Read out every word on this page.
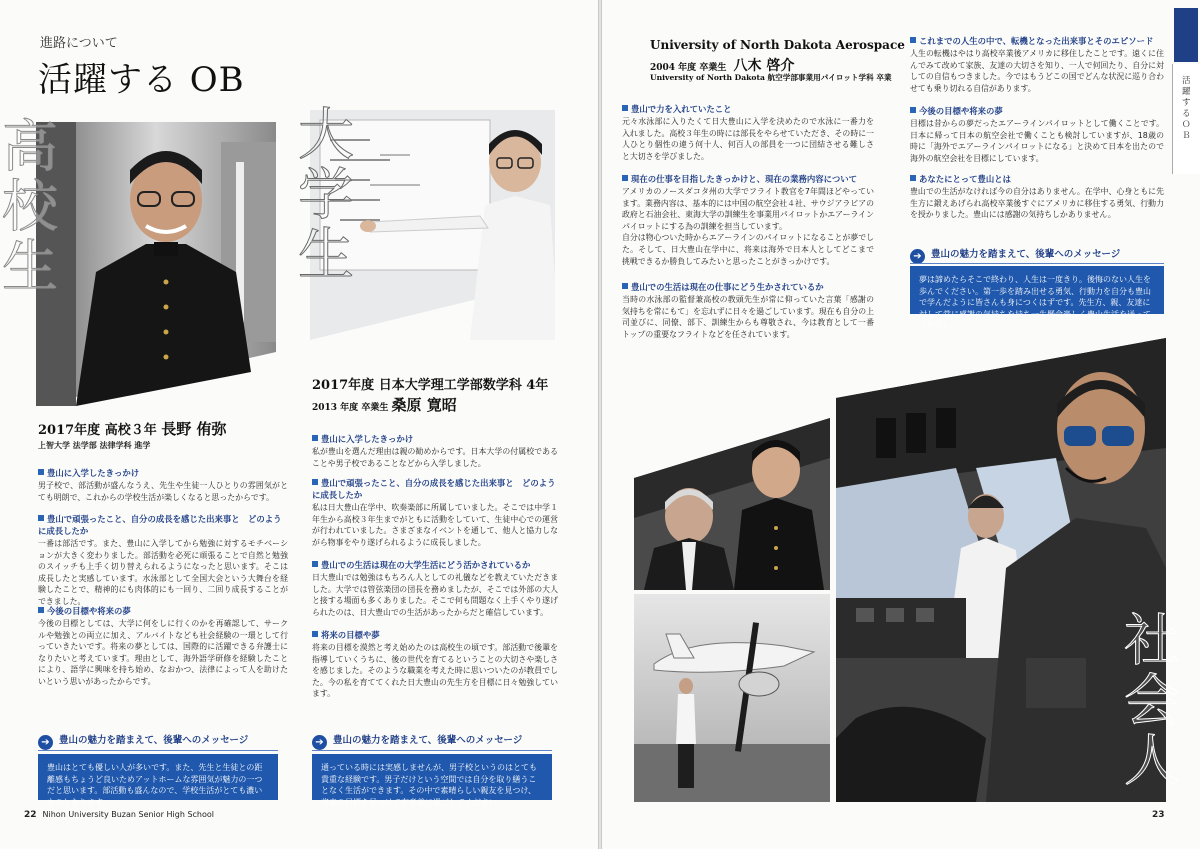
進路について
活躍する OB
高
校
生
大
学
生
2017年度 高校３年 長野 侑弥
上智大学 法学部 法律学科 進学
豊山に入学したきっかけ
男子校で、部活動が盛んなうえ、先生や生徒一人ひとりの雰囲気がとても明朗で、これからの学校生活が楽しくなると思ったからです。
豊山で頑張ったこと、自分の成長を感じた出来事と　どのように成長したか
一番は部活です。また、豊山に入学してから勉強に対するモチベーションが大きく変わりました。部活動を必死に頑張ることで自然と勉強のスイッチも上手く切り替えられるようになったと思います。そこは成長したと実感しています。水泳部として全国大会という大舞台を経験したことで、精神的にも肉体的にも一回り、二回り成長することができました。
今後の目標や将来の夢
今後の目標としては、大学に何をしに行くのかを再確認して、サークルや勉強との両立に加え、アルバイトなども社会経験の一環として行っていきたいです。将来の夢としては、国際的に活躍できる弁護士になりたいと考えています。理由として、海外語学研修を経験したことにより、語学に興味を持ち始め、なおかつ、法律によって人を助けたいという思いがあったからです。
➔ 豊山の魅力を踏まえて、後輩へのメッセージ
豊山はとても優しい人が多いです。また、先生と生徒との距離感もちょうど良いためアットホームな雰囲気が魅力の一つだと思います。部活動も盛んなので、学校生活がとても濃いものとなります。
2017年度 日本大学理工学部数学科 4年
2013 年度 卒業生 桑原 寛昭
豊山に入学したきっかけ
私が豊山を選んだ理由は親の勧めからです。日本大学の付属校であることや男子校であることなどから入学しました。
豊山で頑張ったこと、自分の成長を感じた出来事と　どのように成長したか
私は日大豊山在学中、吹奏楽部に所属していました。そこでは中学１年生から高校３年生までがともに活動をしていて、生徒中心での運営が行われていました。さまざまなイベントを通して、他人と協力しながら物事をやり遂げられるように成長しました。
豊山での生活は現在の大学生活にどう活かされているか
日大豊山では勉強はもちろん人としての礼儀などを教えていただきました。大学では管弦楽団の団長を務めましたが、そこでは外部の大人と接する場面も多くありました。そこで何も問題なく上手くやり遂げられたのは、日大豊山での生活があったからだと確信しています。
将来の目標や夢
将来の目標を漠然と考え始めたのは高校生の頃です。部活動で後輩を指導していくうちに、後の世代を育てるということの大切さや楽しさを感じました。そのような職業を考えた時に思いついたのが教員でした。今の私を育ててくれた日大豊山の先生方を目標に日々勉強しています。
➔ 豊山の魅力を踏まえて、後輩へのメッセージ
通っている時には実感しませんが、男子校というのはとても貴重な経験です。男子だけという空間では自分を取り繕うことなく生活ができます。その中で素晴らしい親友を見つけ、将来の目標を見つけて有意義に過ごしてください。
22 Nihon University Buzan Senior High School
University of North Dakota Aerospace
2004 年度 卒業生 八木 啓介
University of North Dakota 航空学部事業用パイロット学科 卒業
豊山で力を入れていたこと
元々水泳部に入りたくて日大豊山に入学を決めたので水泳に一番力を入れました。高校３年生の時には部長をやらせていただき、その時に一人ひとり個性の違う何十人、何百人の部員を一つに団結させる難しさと大切さを学びました。
現在の仕事を目指したきっかけと、現在の業務内容について
アメリカのノースダコタ州の大学でフライト教官を7年間ほどやっています。業務内容は、基本的には中国の航空会社４社、サウジアラビアの政府と石油会社、東海大学の訓練生を事業用パイロットかエアーラインパイロットにする為の訓練を担当しています。
自分は物心ついた時からエアーラインのパイロットになることが夢でした。そして、日大豊山在学中に、将来は海外で日本人としてどこまで挑戦できるか勝負してみたいと思ったことがきっかけです。
豊山での生活は現在の仕事にどう生かされているか
当時の水泳部の監督兼高校の教頭先生が常に仰っていた言葉「感謝の気持ちを常にもて」を忘れずに日々を過ごしています。現在も自分の上司並びに、同僚、部下、訓練生からも尊敬され、今は教育として一番トップの重要なフライトなどを任されています。
これまでの人生の中で、転機となった出来事とそのエピソード
人生の転機はやはり高校卒業後アメリカに移住したことです。遠くに住んでみて改めて家族、友達の大切さを知り、一人で何回たり、自分に対しての自信もつきました。今ではもうどこの国でどんな状況に巡り合わせても乗り切れる自信があります。
今後の目標や将来の夢
目標は昔からの夢だったエアーラインパイロットとして働くことです。日本に帰って日本の航空会社で働くことも検討していますが、18歳の時に「海外でエアーラインパイロットになる」と決めて日本を出たので海外の航空会社を目標にしています。
あなたにとって豊山とは
豊山での生活がなければ今の自分はありません。在学中、心身ともに先生方に鍛えあげられ高校卒業後すぐにアメリカに移住する勇気、行動力を授かりました。豊山には感謝の気持ちしかありません。
➔ 豊山の魅力を踏まえて、後輩へのメッセージ
夢は諦めたらそこで終わり、人生は一度きり。後悔のない人生を歩んでください。第一歩を踏み出せる勇気、行動力を自分も豊山で学んだように皆さんも身につくはずです。先生方、親、友達に対して常に感謝の気持ちを持ち一生懸命楽しく豊山生活を送ってください。
活躍するＯＢ
社
会
人
23
